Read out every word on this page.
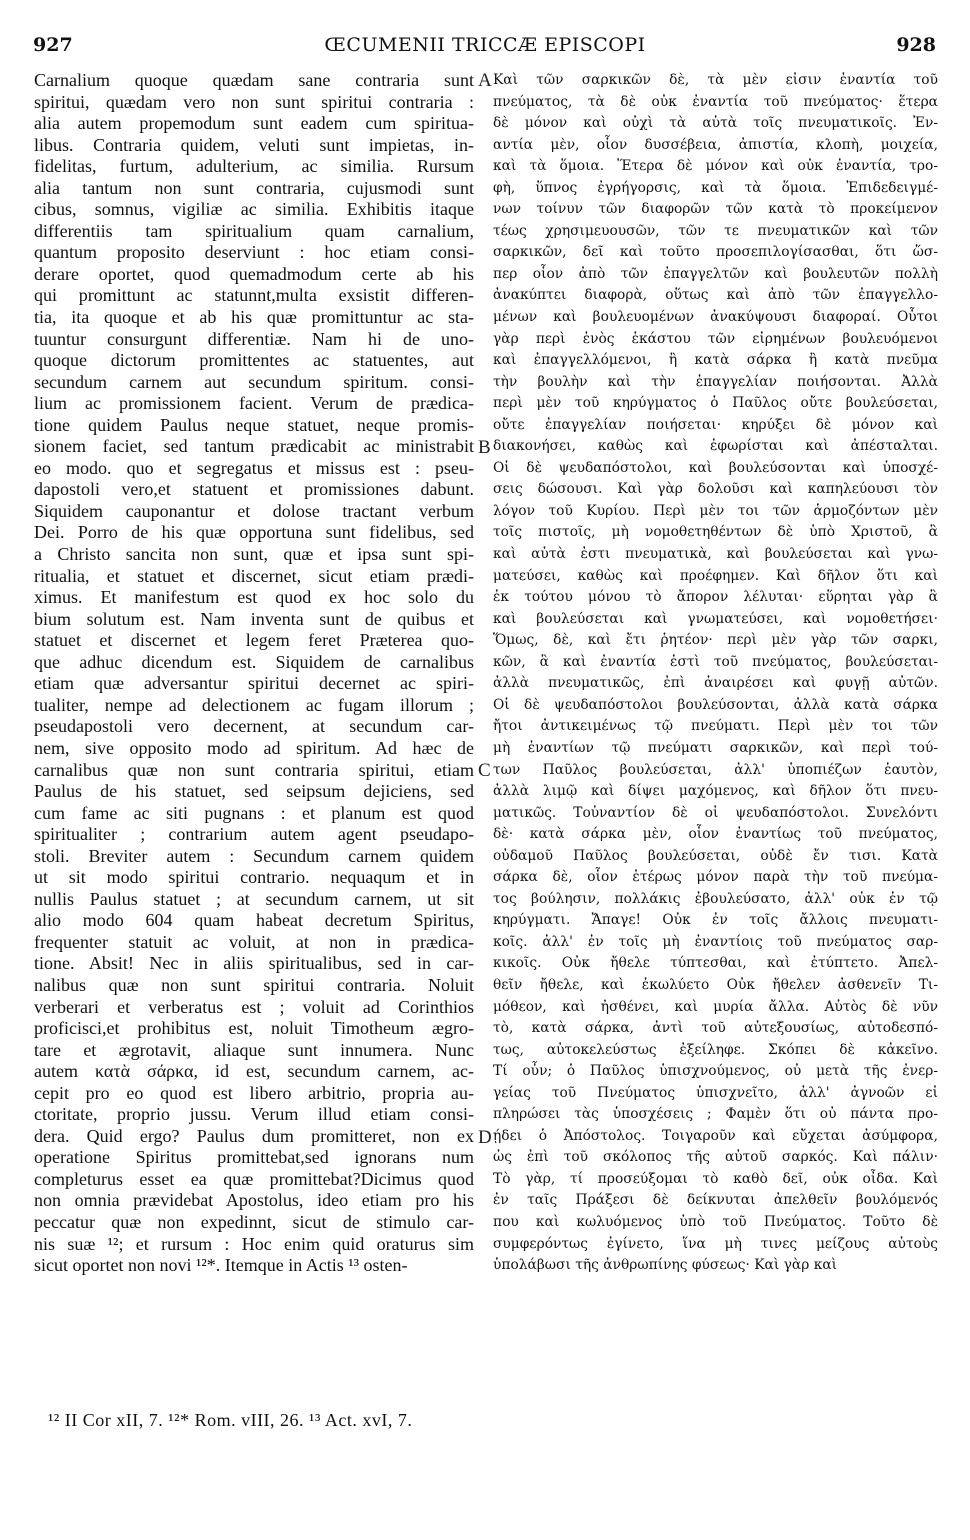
927	ŒCUMENII TRICCÆ EPISCOPI	928
Carnalium quoque quædam sane contraria sunt
spiritui, quædam vero non sunt spiritui contraria :
alia autem propemodum sunt eadem cum spiritua-
libus. Contraria quidem, veluti sunt impietas, in-
fidelitas, furtum, adulterium, ac similia. Rursum
alia tantum non sunt contraria, cujusmodi sunt
cibus, somnus, vigiliæ ac similia. Exhibitis itaque
differentiis tam spiritualium quam carnalium,
quantum proposito deserviunt : hoc etiam consi-
derare oportet, quod quemadmodum certe ab his
qui promittunt ac statunnt,multa exsistit differen-
tia, ita quoque et ab his quæ promittuntur ac sta-
tuuntur consurgunt differentiæ. Nam hi de uno-
quoque dictorum promittentes ac statuentes, aut
secundum carnem aut secundum spiritum. consi-
lium ac promissionem facient. Verum de prædica-
tione quidem Paulus neque statuet, neque promis-
sionem faciet, sed tantum prædicabit ac ministrabit
eo modo. quo et segregatus et missus est : pseu-
dapostoli vero,et statuent et promissiones dabunt.
Siquidem cauponantur et dolose tractant verbum
Dei. Porro de his quæ opportuna sunt fidelibus, sed
a Christo sancita non sunt, quæ et ipsa sunt spi-
ritualia, et statuet et discernet, sicut etiam prædi-
ximus. Et manifestum est quod ex hoc solo du
bium solutum est. Nam inventa sunt de quibus et
statuet et discernet et legem feret Præterea quo-
que adhuc dicendum est. Siquidem de carnalibus
etiam quæ adversantur spiritui decernet ac spiri-
tualiter, nempe ad delectionem ac fugam illorum ;
pseudapostoli vero decernent, at secundum car-
nem, sive opposito modo ad spiritum. Ad hæc de
carnalibus quæ non sunt contraria spiritui, etiam
Paulus de his statuet, sed seipsum dejiciens, sed
cum fame ac siti pugnans : et planum est quod
spiritualiter ; contrarium autem agent pseudapo-
stoli. Breviter autem : Secundum carnem quidem
ut sit modo spiritui contrario. nequaqum et in
nullis Paulus statuet ; at secundum carnem, ut sit
alio modo 604 quam habeat decretum Spiritus,
frequenter statuit ac voluit, at non in prædica-
tione. Absit! Nec in aliis spiritualibus, sed in car-
nalibus quæ non sunt spiritui contraria. Noluit
verberari et verberatus est ; voluit ad Corinthios
proficisci,et prohibitus est, noluit Timotheum ægro-
tare et ægrotavit, aliaque sunt innumera. Nunc
autem κατὰ σάρκα, id est, secundum carnem, ac-
cepit pro eo quod est libero arbitrio, propria au-
ctoritate, proprio jussu. Verum illud etiam consi-
dera. Quid ergo? Paulus dum promitteret, non ex
operatione Spiritus promittebat,sed ignorans num
completurus esset ea quæ promittebat?Dicimus quod
non omnia prævidebat Apostolus, ideo etiam pro his
peccatur quæ non expedinnt, sicut de stimulo car-
nis suæ ¹²; et rursum : Hoc enim quid oraturus sim
sicut oportet non novi ¹²*. Itemque in Actis ¹³ osten-
Καὶ τῶν σαρκικῶν δὲ, τὰ μὲν εἰσιν ἐναντία τοῦ
πνεύματος, τὰ δὲ οὐκ ἐναντία τοῦ πνεύματος· ἕτερα
δὲ μόνον καὶ οὐχὶ τὰ αὐτὰ τοῖς πνευματικοῖς. Ἐν-
αντία μὲν, οἷον δυσσέβεια, ἀπιστία, κλοπὴ, μοιχεία,
καὶ τὰ ὅμοια. Ἕτερα δὲ μόνον καὶ οὐκ ἐναντία, τρο-
φὴ, ὕπνος ἐγρήγορσις, καὶ τὰ ὅμοια. Ἐπιδεδειγμέ-
νων τοίνυν τῶν διαφορῶν τῶν κατὰ τὸ προκείμενον
τέως χρησιμευουσῶν, τῶν τε πνευματικῶν καὶ τῶν
σαρκικῶν, δεῖ καὶ τοῦτο προσεπιλογίσασθαι, ὅτι ὥσ-
περ οἷον ἀπὸ τῶν ἐπαγγελτῶν καὶ βουλευτῶν πολλὴ
ἀνακύπτει διαφορὰ, οὕτως καὶ ἀπὸ τῶν ἐπαγγελλο-
μένων καὶ βουλευομένων ἀνακύψουσι διαφοραί. Οὗτοι
γὰρ περὶ ἑνὸς ἑκάστου τῶν εἰρημένων βουλευόμενοι
καὶ ἐπαγγελλόμενοι, ἢ κατὰ σάρκα ἢ κατὰ πνεῦμα
τὴν βουλὴν καὶ τὴν ἐπαγγελίαν ποιήσονται. Ἀλλὰ
περὶ μὲν τοῦ κηρύγματος ὁ Παῦλος οὔτε βουλεύσεται,
οὔτε ἐπαγγελίαν ποιήσεται· κηρύξει δὲ μόνον καὶ
διακονήσει, καθὼς καὶ ἐφωρίσται καὶ ἀπέσταλται.
Οἱ δὲ ψευδαπόστολοι, καὶ βουλεύσονται καὶ ὑποσχέ-
σεις δώσουσι. Καὶ γὰρ δολοῦσι καὶ καπηλεύουσι τὸν
λόγον τοῦ Κυρίου. Περὶ μὲν τοι τῶν ἁρμοζόντων μὲν
τοῖς πιστοῖς, μὴ νομοθετηθέντων δὲ ὑπὸ Χριστοῦ, ἃ
καὶ αὐτὰ ἐστι πνευματικὰ, καὶ βουλεύσεται καὶ γνω-
ματεύσει, καθὼς καὶ προέφημεν. Καὶ δῆλον ὅτι καὶ
ἐκ τούτου μόνου τὸ ἄπορον λέλυται· εὕρηται γὰρ ἃ
καὶ βουλεύσεται καὶ γνωματεύσει, καὶ νομοθετήσει·
Ὅμως, δὲ, καὶ ἔτι ῥητέον· περὶ μὲν γὰρ τῶν σαρκι,
κῶν, ἃ καὶ ἐναντία ἐστὶ τοῦ πνεύματος, βουλεύσεται-
ἀλλὰ πνευματικῶς, ἐπὶ ἀναιρέσει καὶ φυγῇ αὐτῶν.
Οἱ δὲ ψευδαπόστολοι βουλεύσονται, ἀλλὰ κατὰ σάρκα
ἤτοι ἀντικειμένως τῷ πνεύματι. Περὶ μὲν τοι τῶν
μὴ ἐναντίων τῷ πνεύματι σαρκικῶν, καὶ περὶ τού-
των Παῦλος βουλεύσεται, ἀλλ' ὑποπιέζων ἑαυτὸν,
ἀλλὰ λιμῷ καὶ δίψει μαχόμενος, καὶ δῆλον ὅτι πνευ-
ματικῶς. Τοὐναντίον δὲ οἱ ψευδαπόστολοι. Συνελόντι
δὲ· κατὰ σάρκα μὲν, οἷον ἐναντίως τοῦ πνεύματος,
οὐδαμοῦ Παῦλος βουλεύσεται, οὐδὲ ἔν τισι. Κατὰ
σάρκα δὲ, οἷον ἑτέρως μόνον παρὰ τὴν τοῦ πνεύμα-
τος βούλησιν, πολλάκις ἐβουλεύσατο, ἀλλ' οὐκ ἐν τῷ
κηρύγματι. Ἄπαγε! Οὐκ ἐν τοῖς ἄλλοις πνευματι-
κοῖς. ἀλλ' ἐν τοῖς μὴ ἐναντίοις τοῦ πνεύματος σαρ-
κικοῖς. Οὐκ ἤθελε τύπτεσθαι, καὶ ἐτύπτετο. Ἀπελ-
θεῖν ἤθελε, καὶ ἐκωλύετο Οὐκ ἤθελεν ἀσθενεῖν Τι-
μόθεον, καὶ ἠσθένει, καὶ μυρία ἄλλα. Αὐτὸς δὲ νῦν
τὸ, κατὰ σάρκα, ἀντὶ τοῦ αὐτεξουσίως, αὐτοδεσπό-
τως, αὐτοκελεύστως ἐξείληφε. Σκόπει δὲ κἀκεῖνο.
Τί οὖν; ὁ Παῦλος ὑπισχνούμενος, οὐ μετὰ τῆς ἐνερ-
γείας τοῦ Πνεύματος ὑπισχνεῖτο, ἀλλ' ἀγνοῶν εἰ
πληρώσει τὰς ὑποσχέσεις ; Φαμὲν ὅτι οὐ πάντα προ-
ῄδει ὁ Ἀπόστολος. Τοιγαροῦν καὶ εὔχεται ἀσύμφορα,
ὡς ἐπὶ τοῦ σκόλοπος τῆς αὐτοῦ σαρκός. Καὶ πάλιν·
Τὸ γὰρ, τί προσεύξομαι τὸ καθὸ δεῖ, οὐκ οἶδα. Καὶ
ἐν ταῖς Πράξεσι δὲ δείκνυται ἀπελθεῖν βουλόμενός
που καὶ κωλυόμενος ὑπὸ τοῦ Πνεύματος. Τοῦτο δὲ
συμφερόντως ἐγίνετο, ἵνα μὴ τινες μείζους αὐτοὺς
ὑπολάβωσι τῆς ἀνθρωπίνης φύσεως· Καὶ γὰρ καὶ
A
B
C
D
¹² II Cor xII, 7. ¹²* Rom. vIII, 26. ¹³ Act. xvI, 7.
